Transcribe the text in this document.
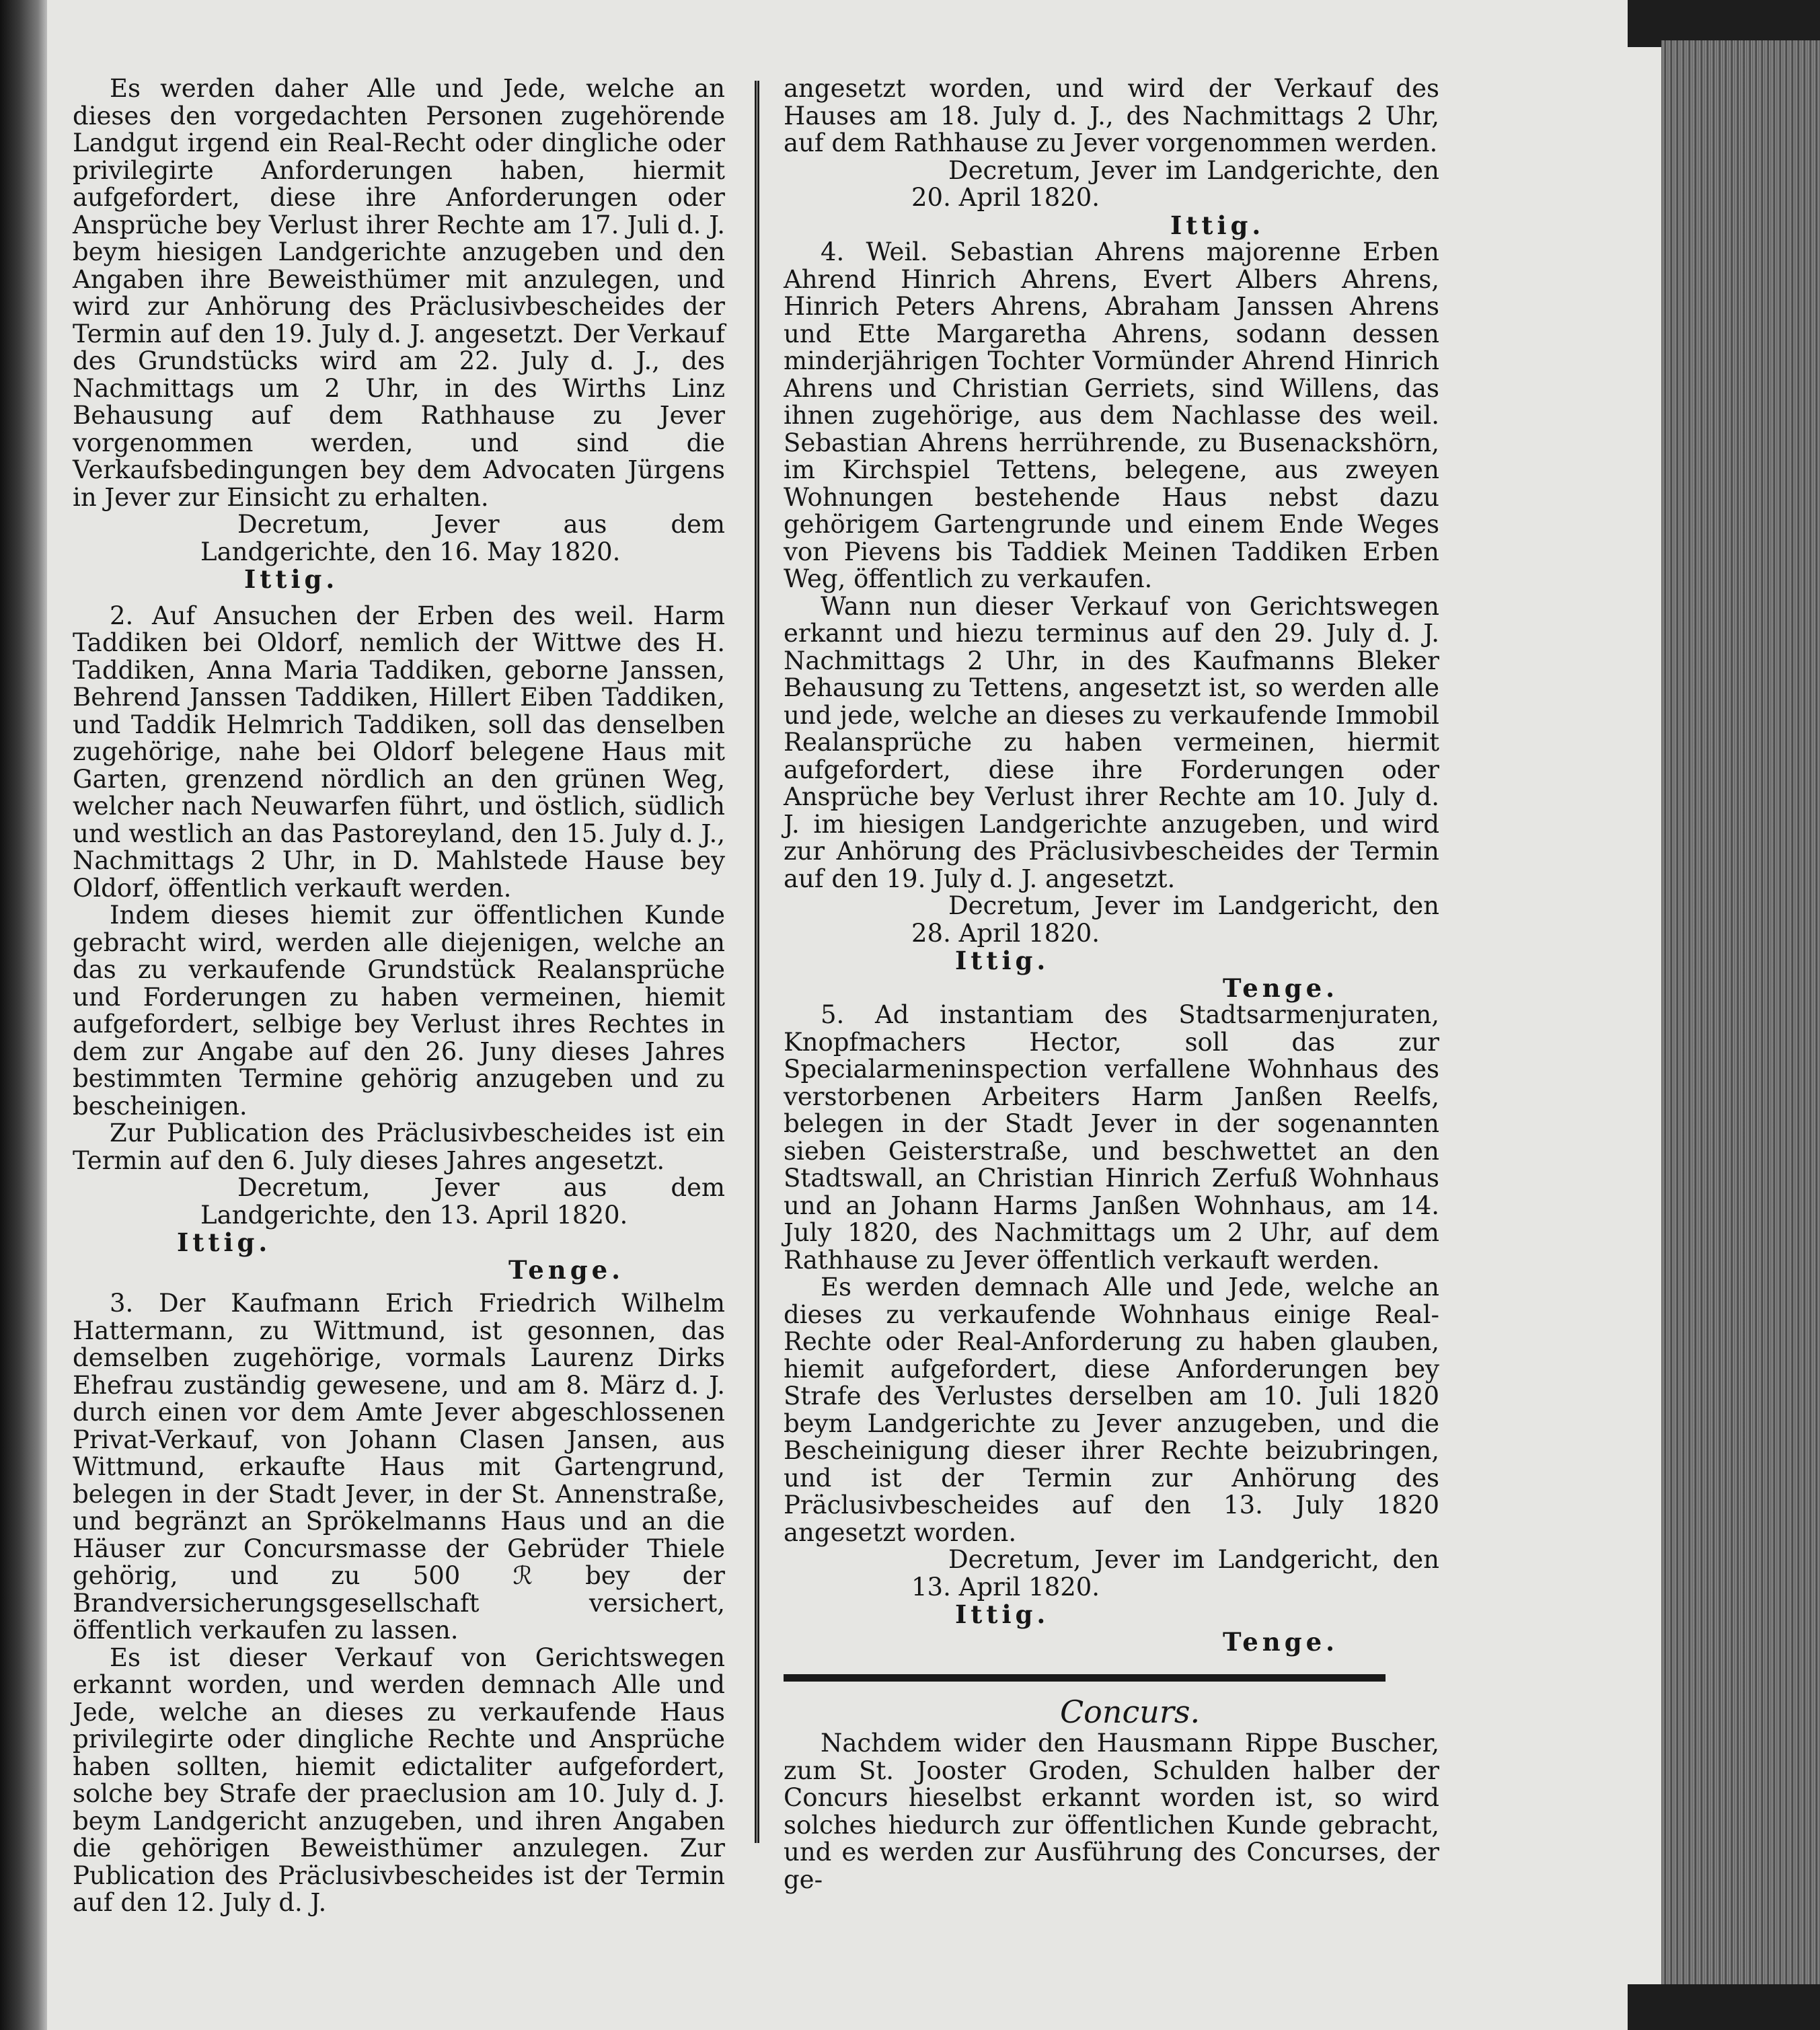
Es werden daher Alle und Jede, welche an dieses den vorgedachten Personen zugehörende Landgut irgend ein Real-Recht oder dingliche oder privilegirte Anforderungen haben, hiermit aufgefordert, diese ihre Anforderungen oder Ansprüche bey Verlust ihrer Rechte am 17. Juli d. J. beym hiesigen Landgerichte anzugeben und den Angaben ihre Beweisthümer mit anzulegen, und wird zur Anhörung des Präclusivbescheides der Termin auf den 19. July d. J. angesetzt. Der Verkauf des Grundstücks wird am 22. July d. J., des Nachmittags um 2 Uhr, in des Wirths Linz Behausung auf dem Rathhause zu Jever vorgenommen werden, und sind die Verkaufsbedingungen bey dem Advocaten Jürgens in Jever zur Einsicht zu erhalten.

Decretum, Jever aus dem Landgerichte, den 16. May 1820.

Ittig.

2. Auf Ansuchen der Erben des weil. Harm Taddiken bei Oldorf, nemlich der Wittwe des H. Taddiken, Anna Maria Taddiken, geborne Janssen, Behrend Janssen Taddiken, Hillert Eiben Taddiken, und Taddik Helmrich Taddiken, soll das denselben zugehörige, nahe bei Oldorf belegene Haus mit Garten, grenzend nördlich an den grünen Weg, welcher nach Neuwarfen führt, und östlich, südlich und westlich an das Pastoreyland, den 15. July d. J., Nachmittags 2 Uhr, in D. Mahlstede Hause bey Oldorf, öffentlich verkauft werden.

Indem dieses hiemit zur öffentlichen Kunde gebracht wird, werden alle diejenigen, welche an das zu verkaufende Grundstück Realansprüche und Forderungen zu haben vermeinen, hiemit aufgefordert, selbige bey Verlust ihres Rechtes in dem zur Angabe auf den 26. Juny dieses Jahres bestimmten Termine gehörig anzugeben und zu bescheinigen.

Zur Publication des Präclusivbescheides ist ein Termin auf den 6. July dieses Jahres angesetzt.

Decretum, Jever aus dem Landgerichte, den 13. April 1820.

Ittig.

Tenge.

3. Der Kaufmann Erich Friedrich Wilhelm Hattermann, zu Wittmund, ist gesonnen, das demselben zugehörige, vormals Laurenz Dirks Ehefrau zuständig gewesene, und am 8. März d. J. durch einen vor dem Amte Jever abgeschlossenen Privat-Verkauf, von Johann Clasen Jansen, aus Wittmund, erkaufte Haus mit Gartengrund, belegen in der Stadt Jever, in der St. Annenstraße, und begränzt an Sprökelmanns Haus und an die Häuser zur Concursmasse der Gebrüder Thiele gehörig, und zu 500 ℛ bey der Brandversicherungsgesellschaft versichert, öffentlich verkaufen zu lassen.

Es ist dieser Verkauf von Gerichtswegen erkannt worden, und werden demnach Alle und Jede, welche an dieses zu verkaufende Haus privilegirte oder dingliche Rechte und Ansprüche haben sollten, hiemit edictaliter aufgefordert, solche bey Strafe der praeclusion am 10. July d. J. beym Landgericht anzugeben, und ihren Angaben die gehörigen Beweisthümer anzulegen. Zur Publication des Präclusivbescheides ist der Termin auf den 12. July d. J.

angesetzt worden, und wird der Verkauf des Hauses am 18. July d. J., des Nachmittags 2 Uhr, auf dem Rathhause zu Jever vorgenommen werden.

Decretum, Jever im Landgerichte, den 20. April 1820.

Ittig.

4. Weil. Sebastian Ahrens majorenne Erben Ahrend Hinrich Ahrens, Evert Albers Ahrens, Hinrich Peters Ahrens, Abraham Janssen Ahrens und Ette Margaretha Ahrens, sodann dessen minderjährigen Tochter Vormünder Ahrend Hinrich Ahrens und Christian Gerriets, sind Willens, das ihnen zugehörige, aus dem Nachlasse des weil. Sebastian Ahrens herrührende, zu Busenackshörn, im Kirchspiel Tettens, belegene, aus zweyen Wohnungen bestehende Haus nebst dazu gehörigem Gartengrunde und einem Ende Weges von Pievens bis Taddiek Meinen Taddiken Erben Weg, öffentlich zu verkaufen.

Wann nun dieser Verkauf von Gerichtswegen erkannt und hiezu terminus auf den 29. July d. J. Nachmittags 2 Uhr, in des Kaufmanns Bleker Behausung zu Tettens, angesetzt ist, so werden alle und jede, welche an dieses zu verkaufende Immobil Realansprüche zu haben vermeinen, hiermit aufgefordert, diese ihre Forderungen oder Ansprüche bey Verlust ihrer Rechte am 10. July d. J. im hiesigen Landgerichte anzugeben, und wird zur Anhörung des Präclusivbescheides der Termin auf den 19. July d. J. angesetzt.

Decretum, Jever im Landgericht, den 28. April 1820.

Ittig.

Tenge.

5. Ad instantiam des Stadtsarmenjuraten, Knopfmachers Hector, soll das zur Specialarmeninspection verfallene Wohnhaus des verstorbenen Arbeiters Harm Janßen Reelfs, belegen in der Stadt Jever in der sogenannten sieben Geisterstraße, und beschwettet an den Stadtswall, an Christian Hinrich Zerfuß Wohnhaus und an Johann Harms Janßen Wohnhaus, am 14. July 1820, des Nachmittags um 2 Uhr, auf dem Rathhause zu Jever öffentlich verkauft werden.

Es werden demnach Alle und Jede, welche an dieses zu verkaufende Wohnhaus einige Real-Rechte oder Real-Anforderung zu haben glauben, hiemit aufgefordert, diese Anforderungen bey Strafe des Verlustes derselben am 10. Juli 1820 beym Landgerichte zu Jever anzugeben, und die Bescheinigung dieser ihrer Rechte beizubringen, und ist der Termin zur Anhörung des Präclusivbescheides auf den 13. July 1820 angesetzt worden.

Decretum, Jever im Landgericht, den 13. April 1820.

Ittig.

Tenge.

Concurs.

Nachdem wider den Hausmann Rippe Buscher, zum St. Jooster Groden, Schulden halber der Concurs hieselbst erkannt worden ist, so wird solches hiedurch zur öffentlichen Kunde gebracht, und es werden zur Ausführung des Concurses, der ge-
